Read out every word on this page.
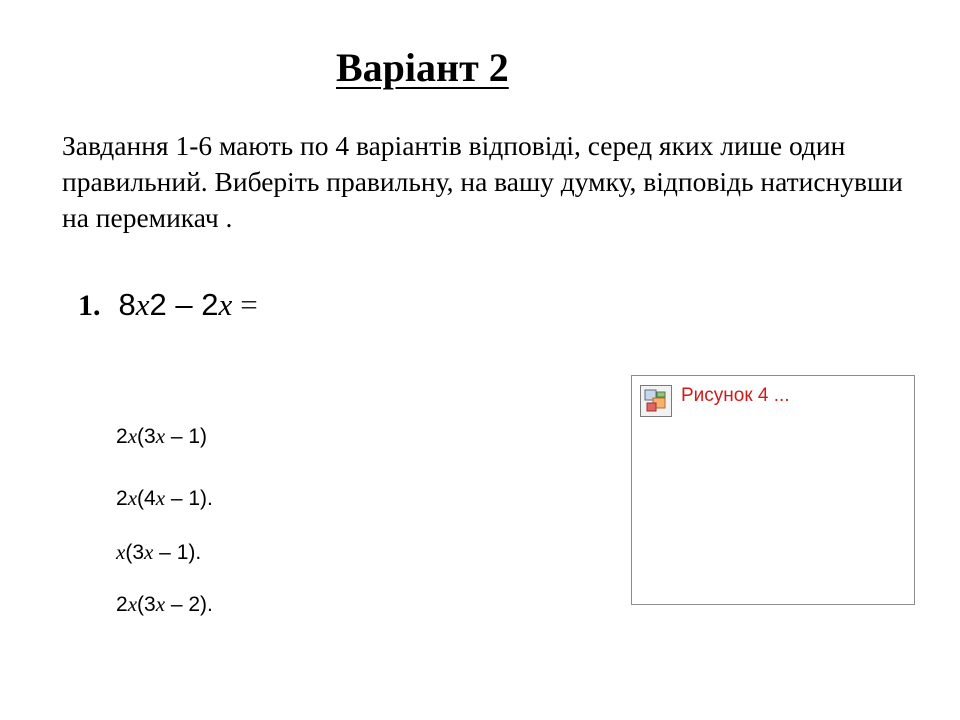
Варіант 2

Завдання 1-6 мають по 4 варіантів відповіді, серед яких лише один правильний. Виберіть правильну, на вашу думку, відповідь натиснувши на перемикач .

1. 8x2 – 2x =
2x(3x – 1)
2x(4x – 1).
x(3x – 1).
2x(3x – 2).
Рисунок 4 ...
